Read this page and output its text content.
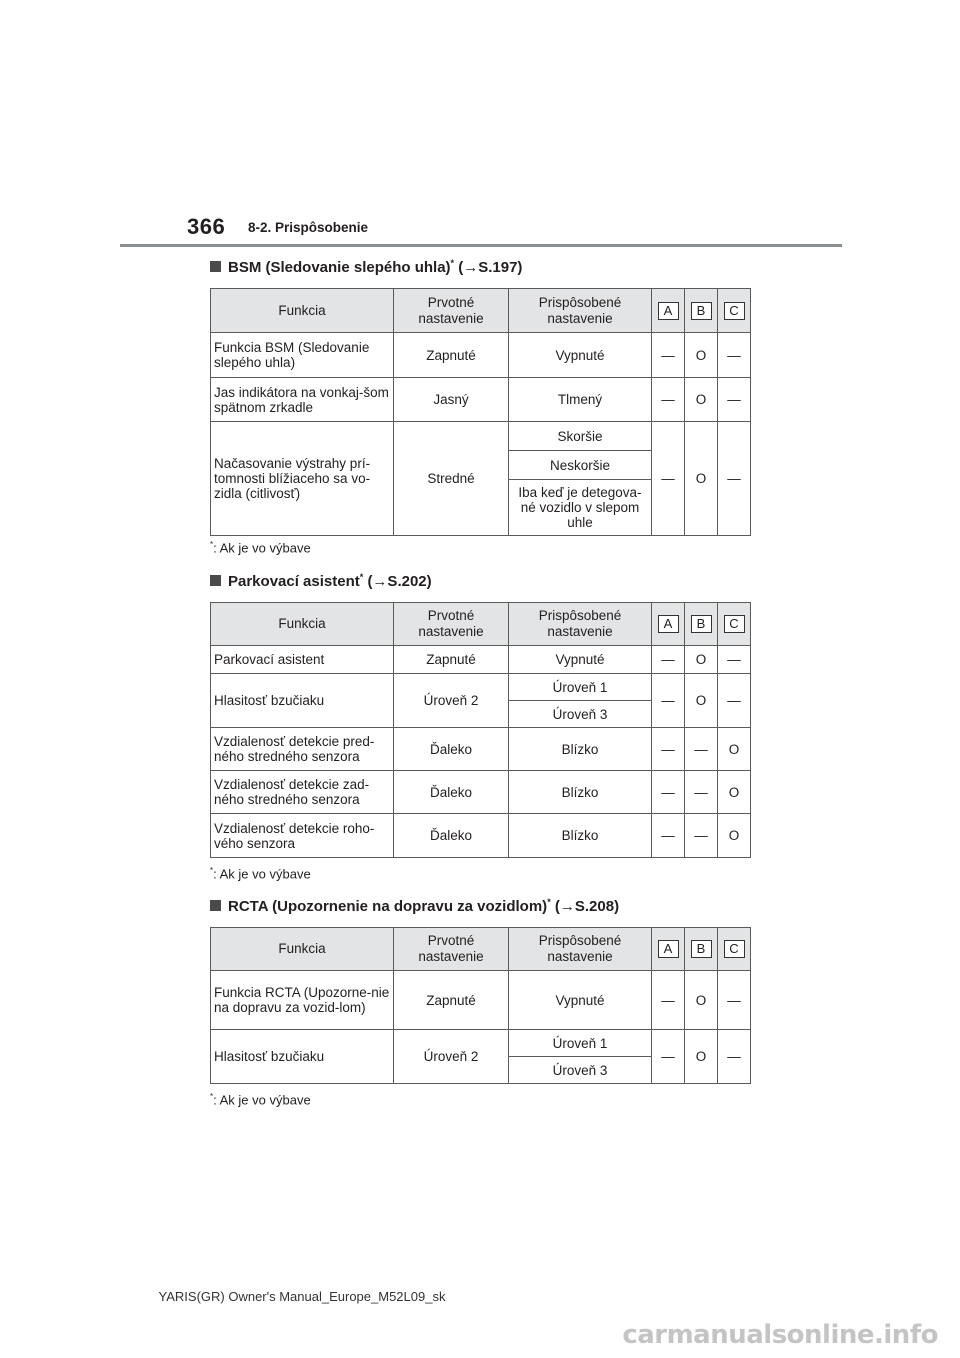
366 8-2. Prispôsobenie
BSM (Sledovanie slepého uhla)* (→S.197)
Funkcia	Prvotné nastavenie	Prispôsobené nastavenie	A	B	C
Funkcia BSM (Sledovanie slepého uhla)	Zapnuté	Vypnuté	—	O	—
Jas indikátora na vonkaj-šom spätnom zrkadle	Jasný	Tlmený	—	O	—
Načasovanie výstrahy prí-tomnosti blížiaceho sa vo-zidla (citlivosť)	Stredné	Skoršie	—	O	—
		Neskoršie			
		Iba keď je detegova-né vozidlo v slepom uhle			
*: Ak je vo výbave
Parkovací asistent* (→S.202)
Funkcia	Prvotné nastavenie	Prispôsobené nastavenie	A	B	C
Parkovací asistent	Zapnuté	Vypnuté	—	O	—
Hlasitosť bzučiaku	Úroveň 2	Úroveň 1	—	O	—
		Úroveň 3			
Vzdialenosť detekcie pred-ného stredného senzora	Ďaleko	Blízko	—	—	O
Vzdialenosť detekcie zad-ného stredného senzora	Ďaleko	Blízko	—	—	O
Vzdialenosť detekcie roho-vého senzora	Ďaleko	Blízko	—	—	O
*: Ak je vo výbave
RCTA (Upozornenie na dopravu za vozidlom)* (→S.208)
Funkcia	Prvotné nastavenie	Prispôsobené nastavenie	A	B	C
Funkcia RCTA (Upozorne-nie na dopravu za vozid-lom)	Zapnuté	Vypnuté	—	O	—
Hlasitosť bzučiaku	Úroveň 2	Úroveň 1	—	O	—
		Úroveň 3			
*: Ak je vo výbave
YARIS(GR) Owner's Manual_Europe_M52L09_sk
carmanualsonline.info
